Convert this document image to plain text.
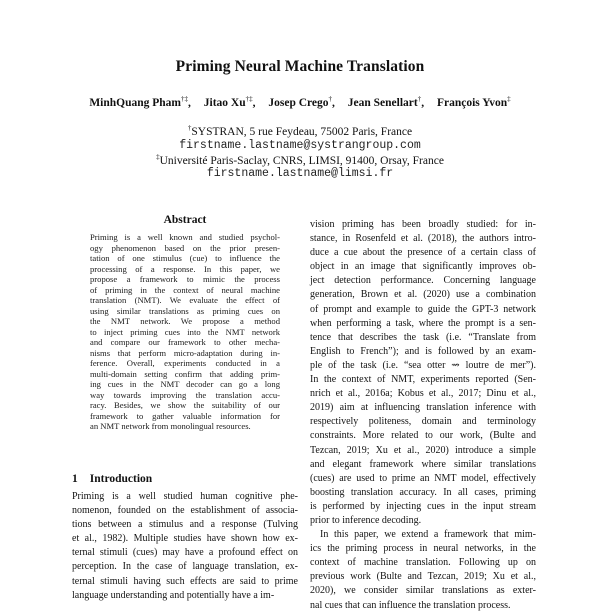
Priming Neural Machine Translation
MinhQuang Pham†‡, Jitao Xu†‡, Josep Crego†, Jean Senellart†, François Yvon‡
†SYSTRAN, 5 rue Feydeau, 75002 Paris, France
firstname.lastname@systrangroup.com
‡Université Paris-Saclay, CNRS, LIMSI, 91400, Orsay, France
firstname.lastname@limsi.fr
Abstract
Priming is a well known and studied psychol-
ogy phenomenon based on the prior presen-
tation of one stimulus (cue) to influence the
processing of a response. In this paper, we
propose a framework to mimic the process
of priming in the context of neural machine
translation (NMT). We evaluate the effect of
using similar translations as priming cues on
the NMT network. We propose a method
to inject priming cues into the NMT network
and compare our framework to other mecha-
nisms that perform micro-adaptation during in-
ference. Overall, experiments conducted in a
multi-domain setting confirm that adding prim-
ing cues in the NMT decoder can go a long
way towards improving the translation accu-
racy. Besides, we show the suitability of our
framework to gather valuable information for
an NMT network from monolingual resources.
1 Introduction
Priming is a well studied human cognitive phe-
nomenon, founded on the establishment of associa-
tions between a stimulus and a response (Tulving
et al., 1982). Multiple studies have shown how ex-
ternal stimuli (cues) may have a profound effect on
perception. In the case of language translation, ex-
ternal stimuli having such effects are said to prime
language understanding and potentially have a im-
vision priming has been broadly studied: for in-
stance, in Rosenfeld et al. (2018), the authors intro-
duce a cue about the presence of a certain class of
object in an image that significantly improves ob-
ject detection performance. Concerning language
generation, Brown et al. (2020) use a combination
of prompt and example to guide the GPT-3 network
when performing a task, where the prompt is a sen-
tence that describes the task (i.e. “Translate from
English to French”); and is followed by an exam-
ple of the task (i.e. “sea otter ⇝ loutre de mer”).
In the context of NMT, experiments reported (Sen-
nrich et al., 2016a; Kobus et al., 2017; Dinu et al.,
2019) aim at influencing translation inference with
respectively politeness, domain and terminology
constraints. More related to our work, (Bulte and
Tezcan, 2019; Xu et al., 2020) introduce a simple
and elegant framework where similar translations
(cues) are used to prime an NMT model, effectively
boosting translation accuracy. In all cases, priming
is performed by injecting cues in the input stream
prior to inference decoding.
In this paper, we extend a framework that mim-
ics the priming process in neural networks, in the
context of machine translation. Following up on
previous work (Bulte and Tezcan, 2019; Xu et al.,
2020), we consider similar translations as exter-
nal cues that can influence the translation process.
